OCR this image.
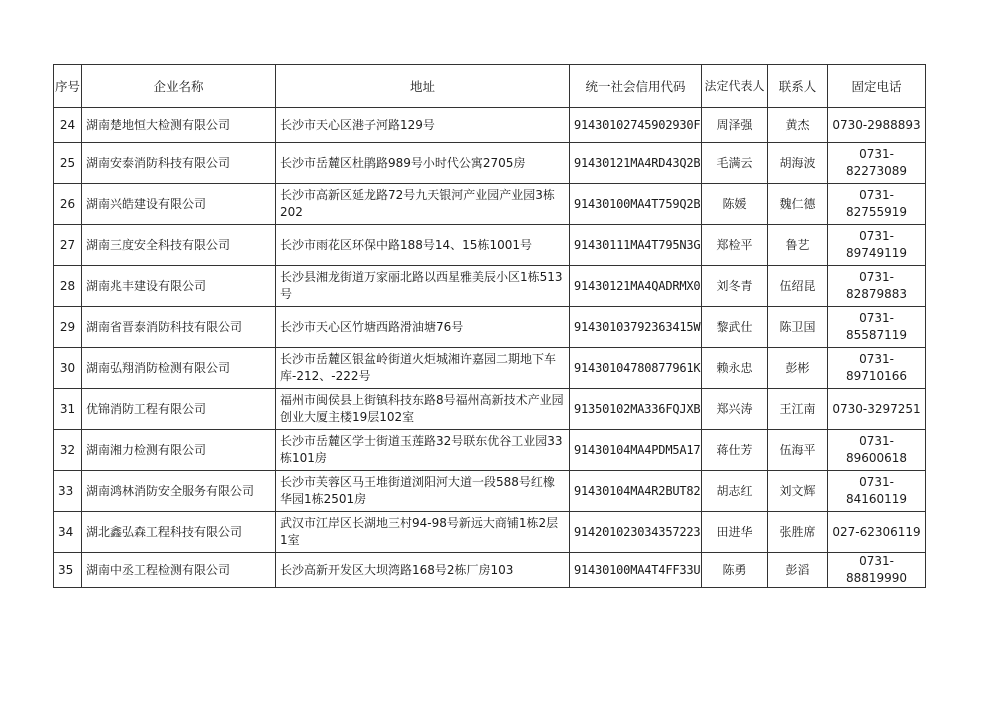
序号	企业名称	地址	统一社会信用代码	法定代表人	联系人	固定电话
24	湖南楚地恒大检测有限公司	长沙市天心区港子河路129号	91430102745902930F	周泽强	黄杰	0730-2988893
25	湖南安泰消防科技有限公司	长沙市岳麓区杜鹃路989号小时代公寓2705房	91430121MA4RD43Q2B	毛满云	胡海波	0731-82273089
26	湖南兴皓建设有限公司	长沙市高新区延龙路72号九天银河产业园产业园3栋202	91430100MA4T759Q2B	陈媛	魏仁德	0731-82755919
27	湖南三度安全科技有限公司	长沙市雨花区环保中路188号14、15栋1001号	91430111MA4T795N3G	郑检平	鲁艺	0731-89749119
28	湖南兆丰建设有限公司	长沙县湘龙街道万家丽北路以西星雅美辰小区1栋513号	91430121MA4QADRMX0	刘冬青	伍绍昆	0731-82879883
29	湖南省晋泰消防科技有限公司	长沙市天心区竹塘西路滑油塘76号	91430103792363415W	黎武仕	陈卫国	0731-85587119
30	湖南弘翔消防检测有限公司	长沙市岳麓区银盆岭街道火炬城湘许嘉园二期地下车库-212、-222号	91430104780877961K	赖永忠	彭彬	0731-89710166
31	优锦消防工程有限公司	福州市闽侯县上街镇科技东路8号福州高新技术产业园创业大厦主楼19层102室	91350102MA336FQJXB	郑兴涛	王江南	0730-3297251
32	湖南湘力检测有限公司	长沙市岳麓区学士街道玉莲路32号联东优谷工业园33栋101房	91430104MA4PDM5A17	蒋仕芳	伍海平	0731-89600618
33	湖南鸿林消防安全服务有限公司	长沙市芙蓉区马王堆街道浏阳河大道一段588号红橡华园1栋2501房	91430104MA4R2BUT82	胡志红	刘文辉	0731-84160119
34	湖北鑫弘森工程科技有限公司	武汉市江岸区长湖地三村94-98号新远大商铺1栋2层1室	914201023034357223	田进华	张胜席	027-62306119
35	湖南中丞工程检测有限公司	长沙高新开发区大坝湾路168号2栋厂房103	91430100MA4T4FF33U	陈勇	彭滔	0731-88819990
